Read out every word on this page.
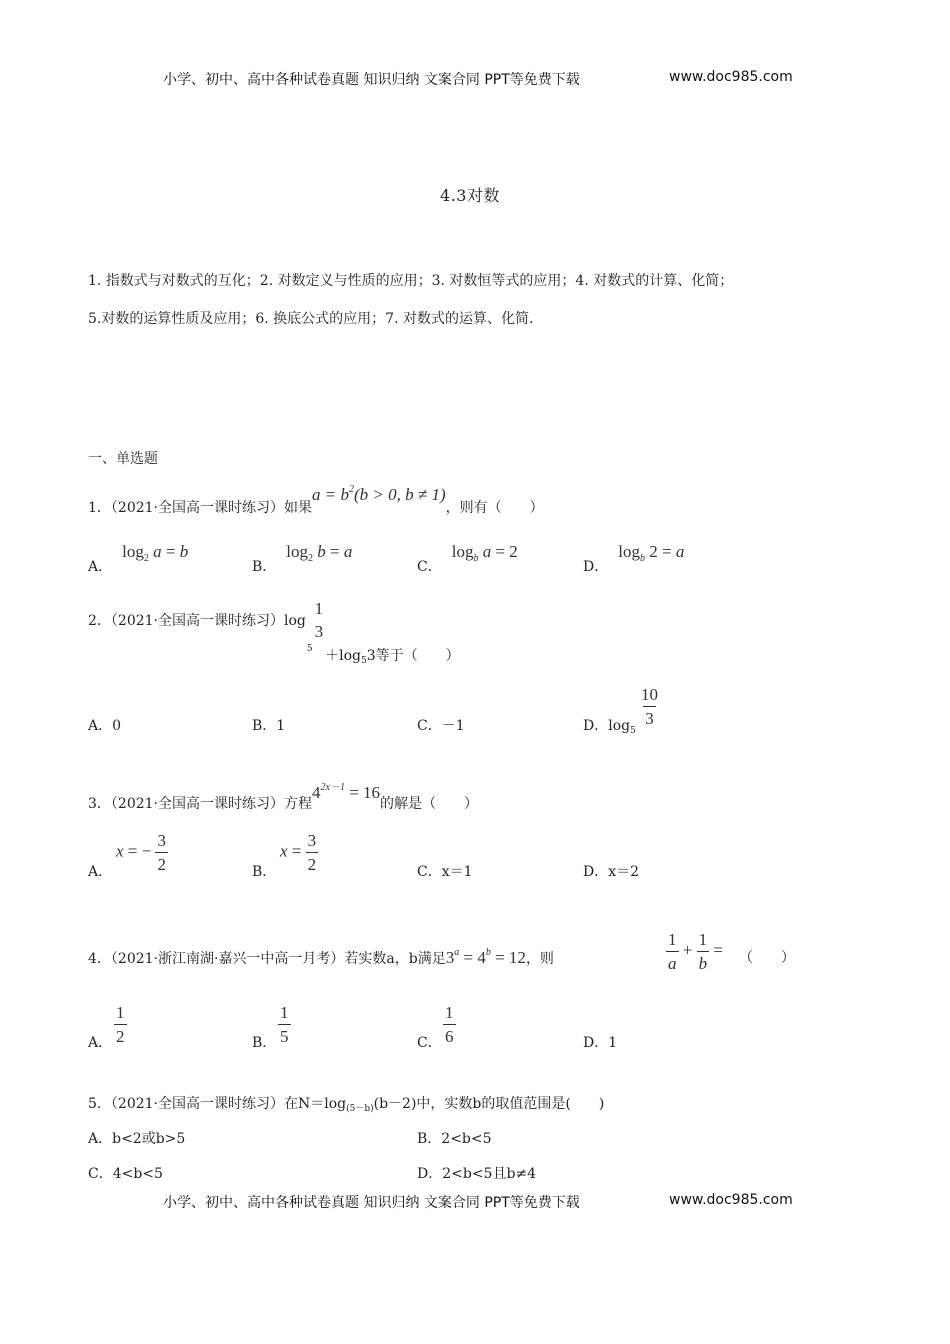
小学、初中、高中各种试卷真题 知识归纳 文案合同 PPT等免费下载	www.doc985.com
4.3对数
1. 指数式与对数式的互化；2. 对数定义与性质的应用；3. 对数恒等式的应用；4. 对数式的计算、化简；
5.对数的运算性质及应用；6. 换底公式的应用；7. 对数式的运算、化简.
一、单选题
1．（2021·全国高一课时练习）如果$a = b^2(b > 0$, b ≠ 1)，则有（　　）
A．$\log_2 a = b$
B．$\log_2 b = a$
C．$\log_b a = 2$
D．$\log_b 2 = a$
2．（2021·全国高一课时练习）$\log_5$
1
3
$+\log_53$等于（　　）
A．0	B．1	C．－1	D．$\log_5$
$\frac{10}{3}$
3．（2021·全国高一课时练习）方程$4^{2x-1} = 16$的解是（　　）
A．
x = − $\frac{3}{2}$	B．
$x = \frac{3}{2}$	C．x＝1	D．x＝2
4．（2021·浙江南湖·嘉兴一中高一月考）若实数a，b满足$3^a = 4^b = 12$，则	$\frac{1}{a} + \frac{1}{b}$ = （　　）
A． $\frac{1}{2}$	B． $\frac{1}{5}$	C． $\frac{1}{6}$	D．1
5．（2021·全国高一课时练习）在$N=\log_{(5-b)}(b-2)$中，实数b的取值范围是(　　)
A．b<2或b>5	B．2<b<5
C．4<b<5	D．2<b<5且b≠4
小学、初中、高中各种试卷真题 知识归纳 文案合同 PPT等免费下载	www.doc985.com
